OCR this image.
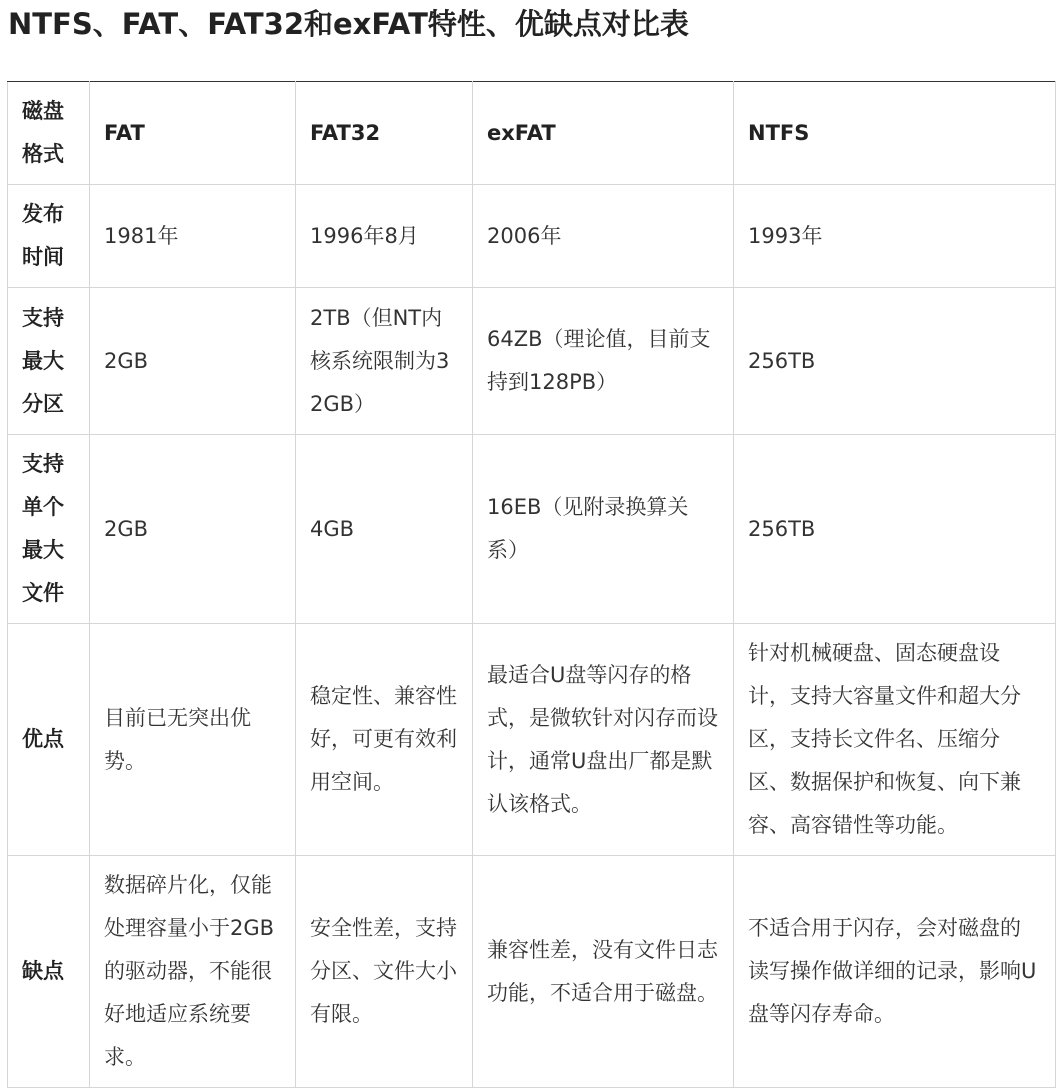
NTFS、FAT、FAT32和exFAT特性、优缺点对比表
磁盘格式	FAT	FAT32	exFAT	NTFS
发布时间	1981年	1996年8月	2006年	1993年
支持最大分区	2GB	2TB（但NT内核系统限制为32GB）	64ZB（理论值，目前支持到128PB）	256TB
支持单个最大文件	2GB	4GB	16EB（见附录换算关系）	256TB
优点	目前已无突出优势。	稳定性、兼容性好，可更有效利用空间。	最适合U盘等闪存的格式，是微软针对闪存而设计，通常U盘出厂都是默认该格式。	针对机械硬盘、固态硬盘设计，支持大容量文件和超大分区，支持长文件名、压缩分区、数据保护和恢复、向下兼容、高容错性等功能。
缺点	数据碎片化，仅能处理容量小于2GB的驱动器，不能很好地适应系统要求。	安全性差，支持分区、文件大小有限。	兼容性差，没有文件日志功能，不适合用于磁盘。	不适合用于闪存，会对磁盘的读写操作做详细的记录，影响U盘等闪存寿命。
